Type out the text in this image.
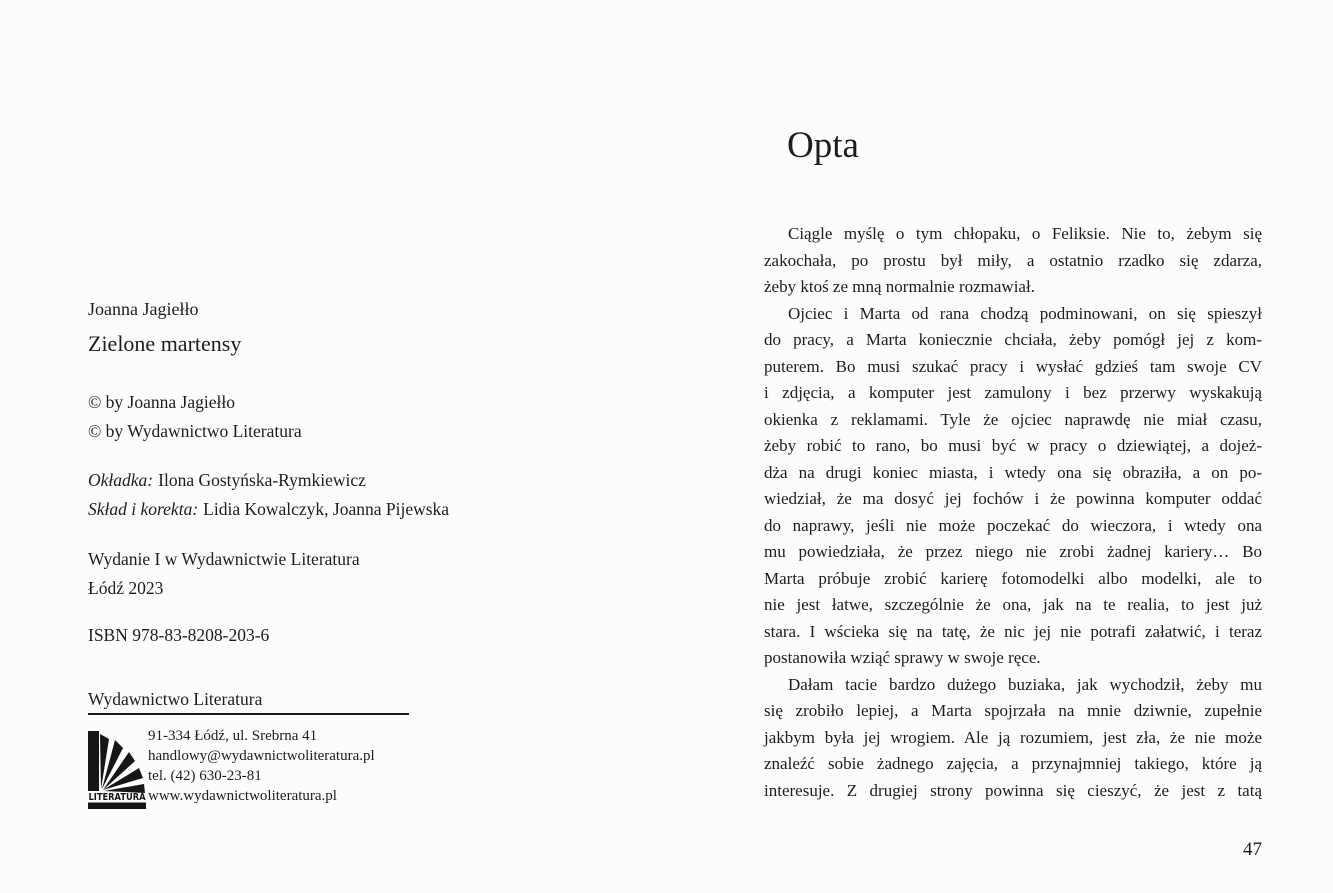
Joanna Jagiełło
Zielone martensy
© by Joanna Jagiełło
© by Wydawnictwo Literatura
Okładka: Ilona Gostyńska-Rymkiewicz
Skład i korekta: Lidia Kowalczyk, Joanna Pijewska
Wydanie I w Wydawnictwie Literatura
Łódź 2023
ISBN 978-83-8208-203-6
Wydawnictwo Literatura
LITERATURA
91-334 Łódź, ul. Srebrna 41
handlowy@wydawnictwoliteratura.pl
tel. (42) 630-23-81
www.wydawnictwoliteratura.pl
Opta
Ciągle myślę o tym chłopaku, o Feliksie. Nie to, żebym się
zakochała, po prostu był miły, a ostatnio rzadko się zdarza,
żeby ktoś ze mną normalnie rozmawiał.
Ojciec i Marta od rana chodzą podminowani, on się spieszył
do pracy, a Marta koniecznie chciała, żeby pomógł jej z kom-
puterem. Bo musi szukać pracy i wysłać gdzieś tam swoje CV
i zdjęcia, a komputer jest zamulony i bez przerwy wyskakują
okienka z reklamami. Tyle że ojciec naprawdę nie miał czasu,
żeby robić to rano, bo musi być w pracy o dziewiątej, a dojeż-
dża na drugi koniec miasta, i wtedy ona się obraziła, a on po-
wiedział, że ma dosyć jej fochów i że powinna komputer oddać
do naprawy, jeśli nie może poczekać do wieczora, i wtedy ona
mu powiedziała, że przez niego nie zrobi żadnej kariery… Bo
Marta próbuje zrobić karierę fotomodelki albo modelki, ale to
nie jest łatwe, szczególnie że ona, jak na te realia, to jest już
stara. I wścieka się na tatę, że nic jej nie potrafi załatwić, i teraz
postanowiła wziąć sprawy w swoje ręce.
Dałam tacie bardzo dużego buziaka, jak wychodził, żeby mu
się zrobiło lepiej, a Marta spojrzała na mnie dziwnie, zupełnie
jakbym była jej wrogiem. Ale ją rozumiem, jest zła, że nie może
znaleźć sobie żadnego zajęcia, a przynajmniej takiego, które ją
interesuje. Z drugiej strony powinna się cieszyć, że jest z tatą
47
